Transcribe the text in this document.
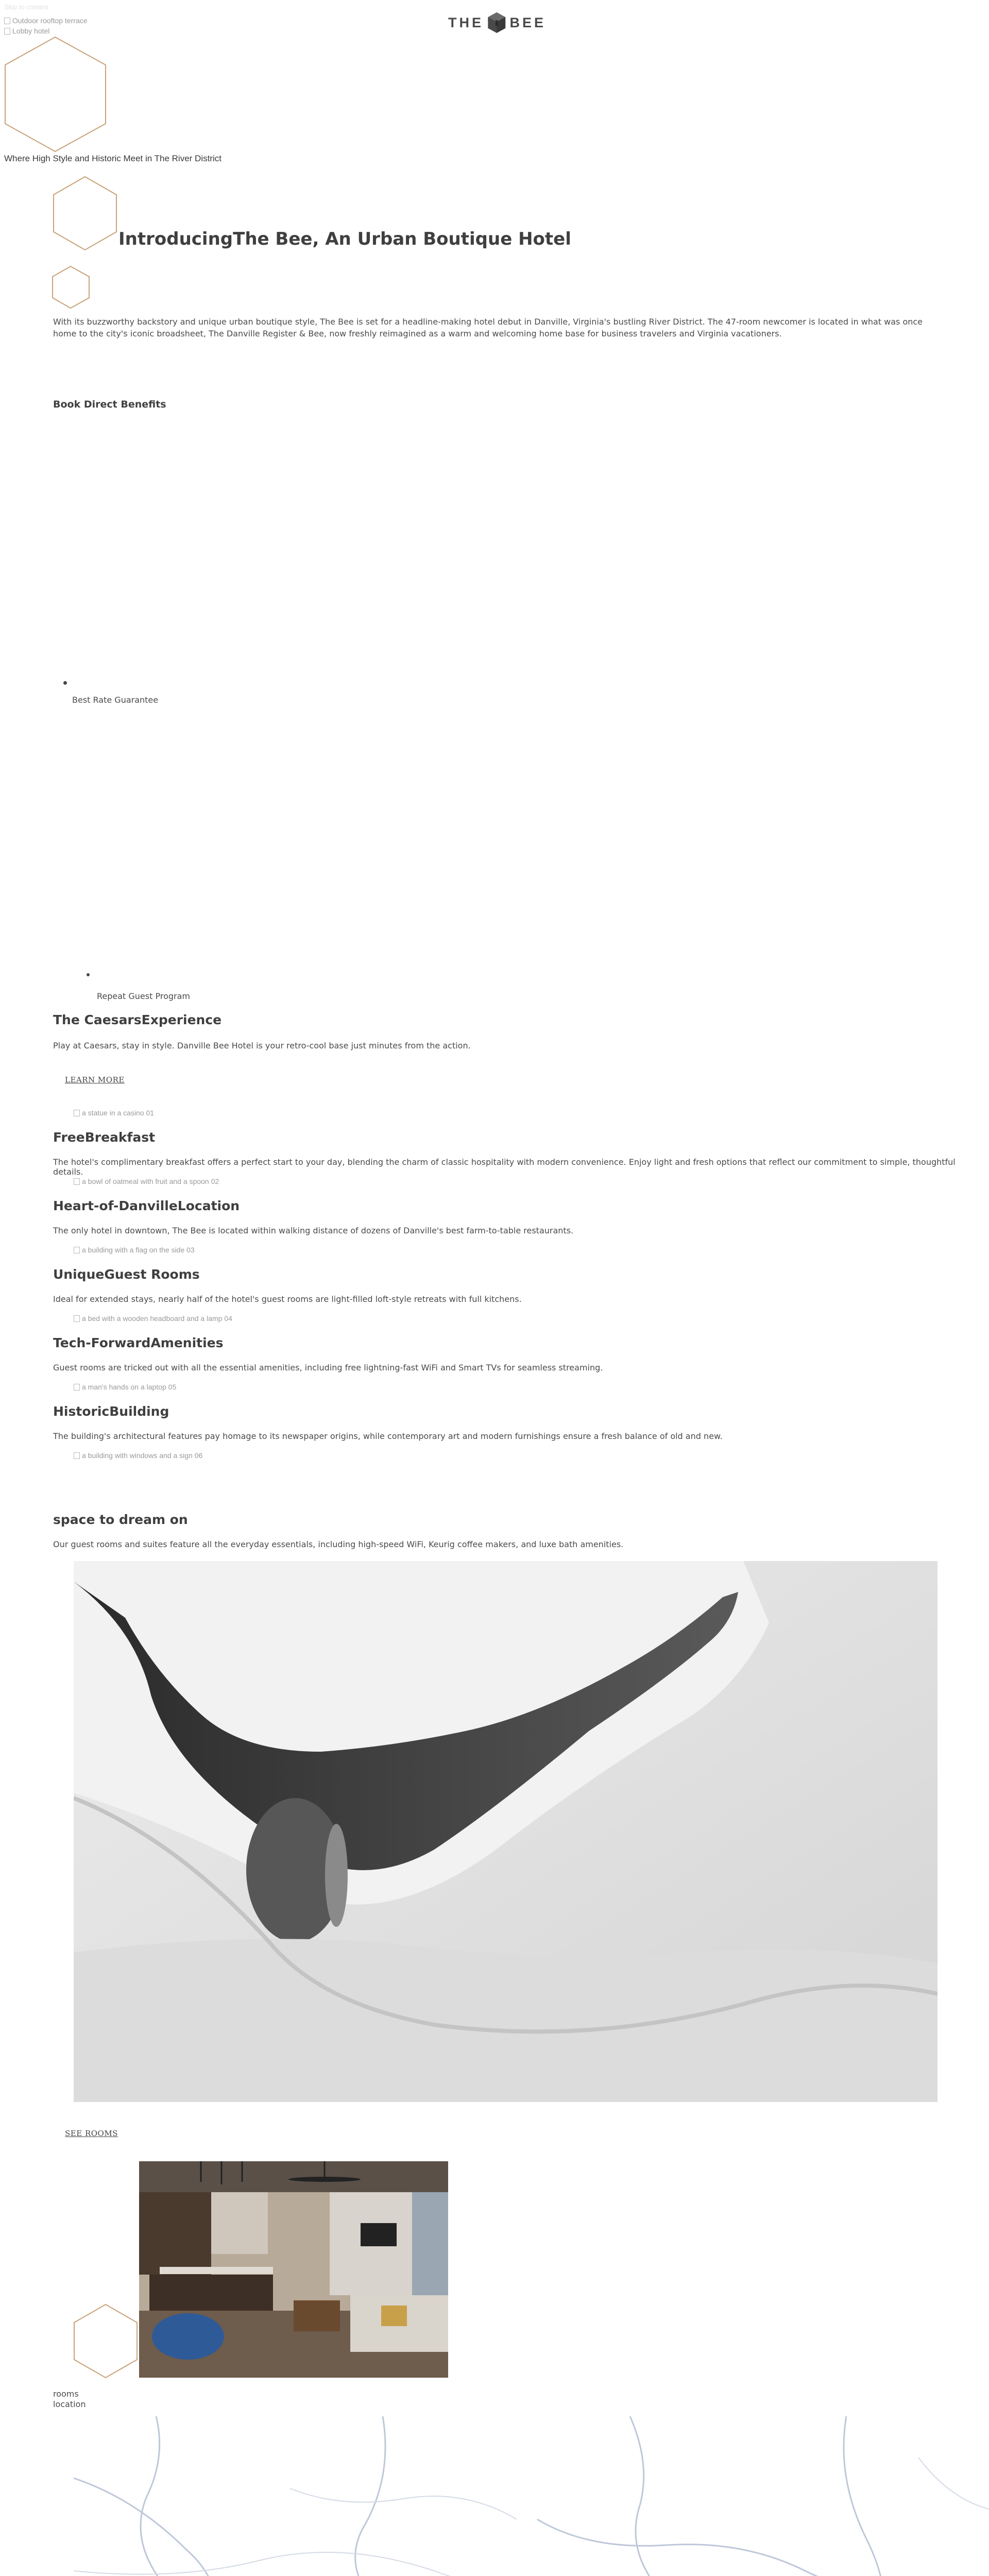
Skip to content
THE BEE
Outdoor rooftop terrace
Lobby hotel
Where High Style and Historic Meet in The River District
IntroducingThe Bee, An Urban Boutique Hotel
With its buzzworthy backstory and unique urban boutique style, The Bee is set for a headline-making hotel debut in Danville, Virginia's bustling River District. The 47-room newcomer is located in what was once home to the city's iconic broadsheet, The Danville Register & Bee, now freshly reimagined as a warm and welcoming home base for business travelers and Virginia vacationers.
Book Direct Benefits
Best Rate Guarantee
Repeat Guest Program
The CaesarsExperience
Play at Caesars, stay in style. Danville Bee Hotel is your retro-cool base just minutes from the action.
LEARN MORE
a statue in a casino 01
FreeBreakfast
The hotel's complimentary breakfast offers a perfect start to your day, blending the charm of classic hospitality with modern convenience. Enjoy light and fresh options that reflect our commitment to simple, thoughtful details.
a bowl of oatmeal with fruit and a spoon 02
Heart-of-DanvilleLocation
The only hotel in downtown, The Bee is located within walking distance of dozens of Danville's best farm-to-table restaurants.
a building with a flag on the side 03
UniqueGuest Rooms
Ideal for extended stays, nearly half of the hotel's guest rooms are light-filled loft-style retreats with full kitchens.
a bed with a wooden headboard and a lamp 04
Tech-ForwardAmenities
Guest rooms are tricked out with all the essential amenities, including free lightning-fast WiFi and Smart TVs for seamless streaming.
a man's hands on a laptop 05
HistoricBuilding
The building's architectural features pay homage to its newspaper origins, while contemporary art and modern furnishings ensure a fresh balance of old and new.
a building with windows and a sign 06
space to dream on
Our guest rooms and suites feature all the everyday essentials, including high-speed WiFi, Keurig coffee makers, and luxe bath amenities.
SEE ROOMS
rooms
location
